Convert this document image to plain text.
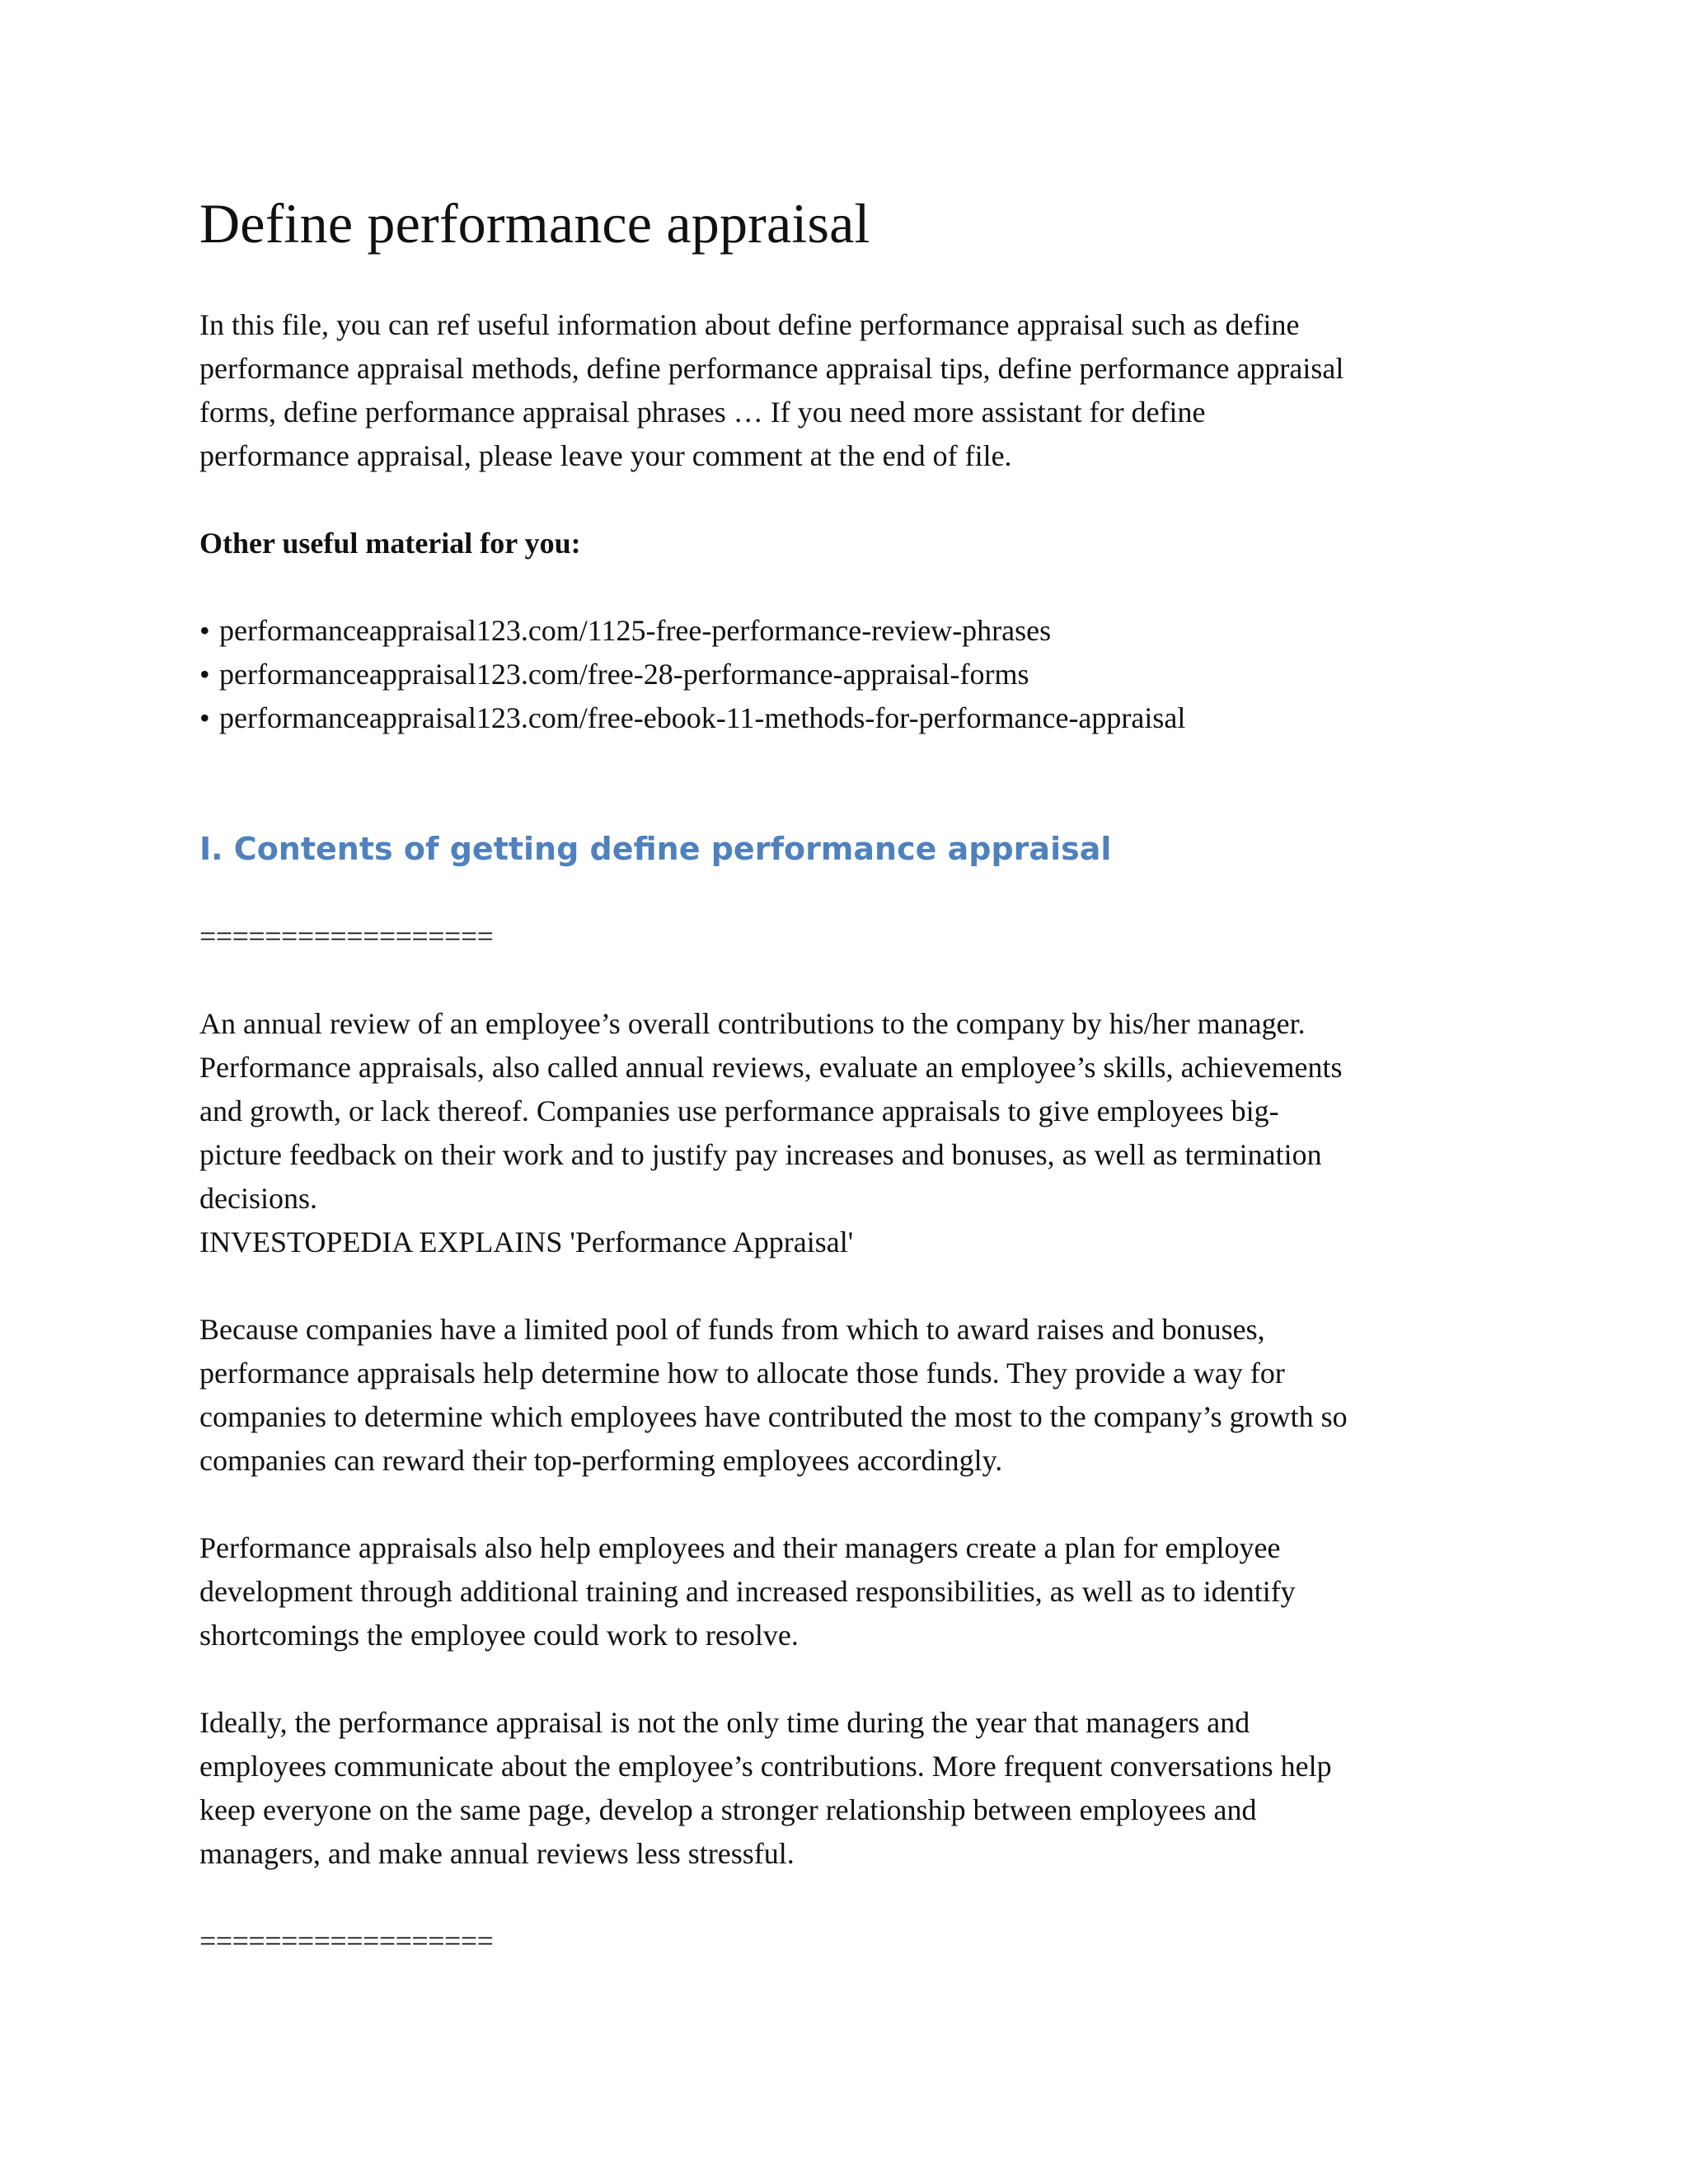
Define performance appraisal
In this file, you can ref useful information about define performance appraisal such as define
performance appraisal methods, define performance appraisal tips, define performance appraisal
forms, define performance appraisal phrases … If you need more assistant for define
performance appraisal, please leave your comment at the end of file.
Other useful material for you:
• performanceappraisal123.com/1125-free-performance-review-phrases
• performanceappraisal123.com/free-28-performance-appraisal-forms
• performanceappraisal123.com/free-ebook-11-methods-for-performance-appraisal
I. Contents of getting define performance appraisal
==================
An annual review of an employee’s overall contributions to the company by his/her manager.
Performance appraisals, also called annual reviews, evaluate an employee’s skills, achievements
and growth, or lack thereof. Companies use performance appraisals to give employees big-
picture feedback on their work and to justify pay increases and bonuses, as well as termination
decisions.
INVESTOPEDIA EXPLAINS 'Performance Appraisal'
Because companies have a limited pool of funds from which to award raises and bonuses,
performance appraisals help determine how to allocate those funds. They provide a way for
companies to determine which employees have contributed the most to the company’s growth so
companies can reward their top-performing employees accordingly.
Performance appraisals also help employees and their managers create a plan for employee
development through additional training and increased responsibilities, as well as to identify
shortcomings the employee could work to resolve.
Ideally, the performance appraisal is not the only time during the year that managers and
employees communicate about the employee’s contributions. More frequent conversations help
keep everyone on the same page, develop a stronger relationship between employees and
managers, and make annual reviews less stressful.
==================
